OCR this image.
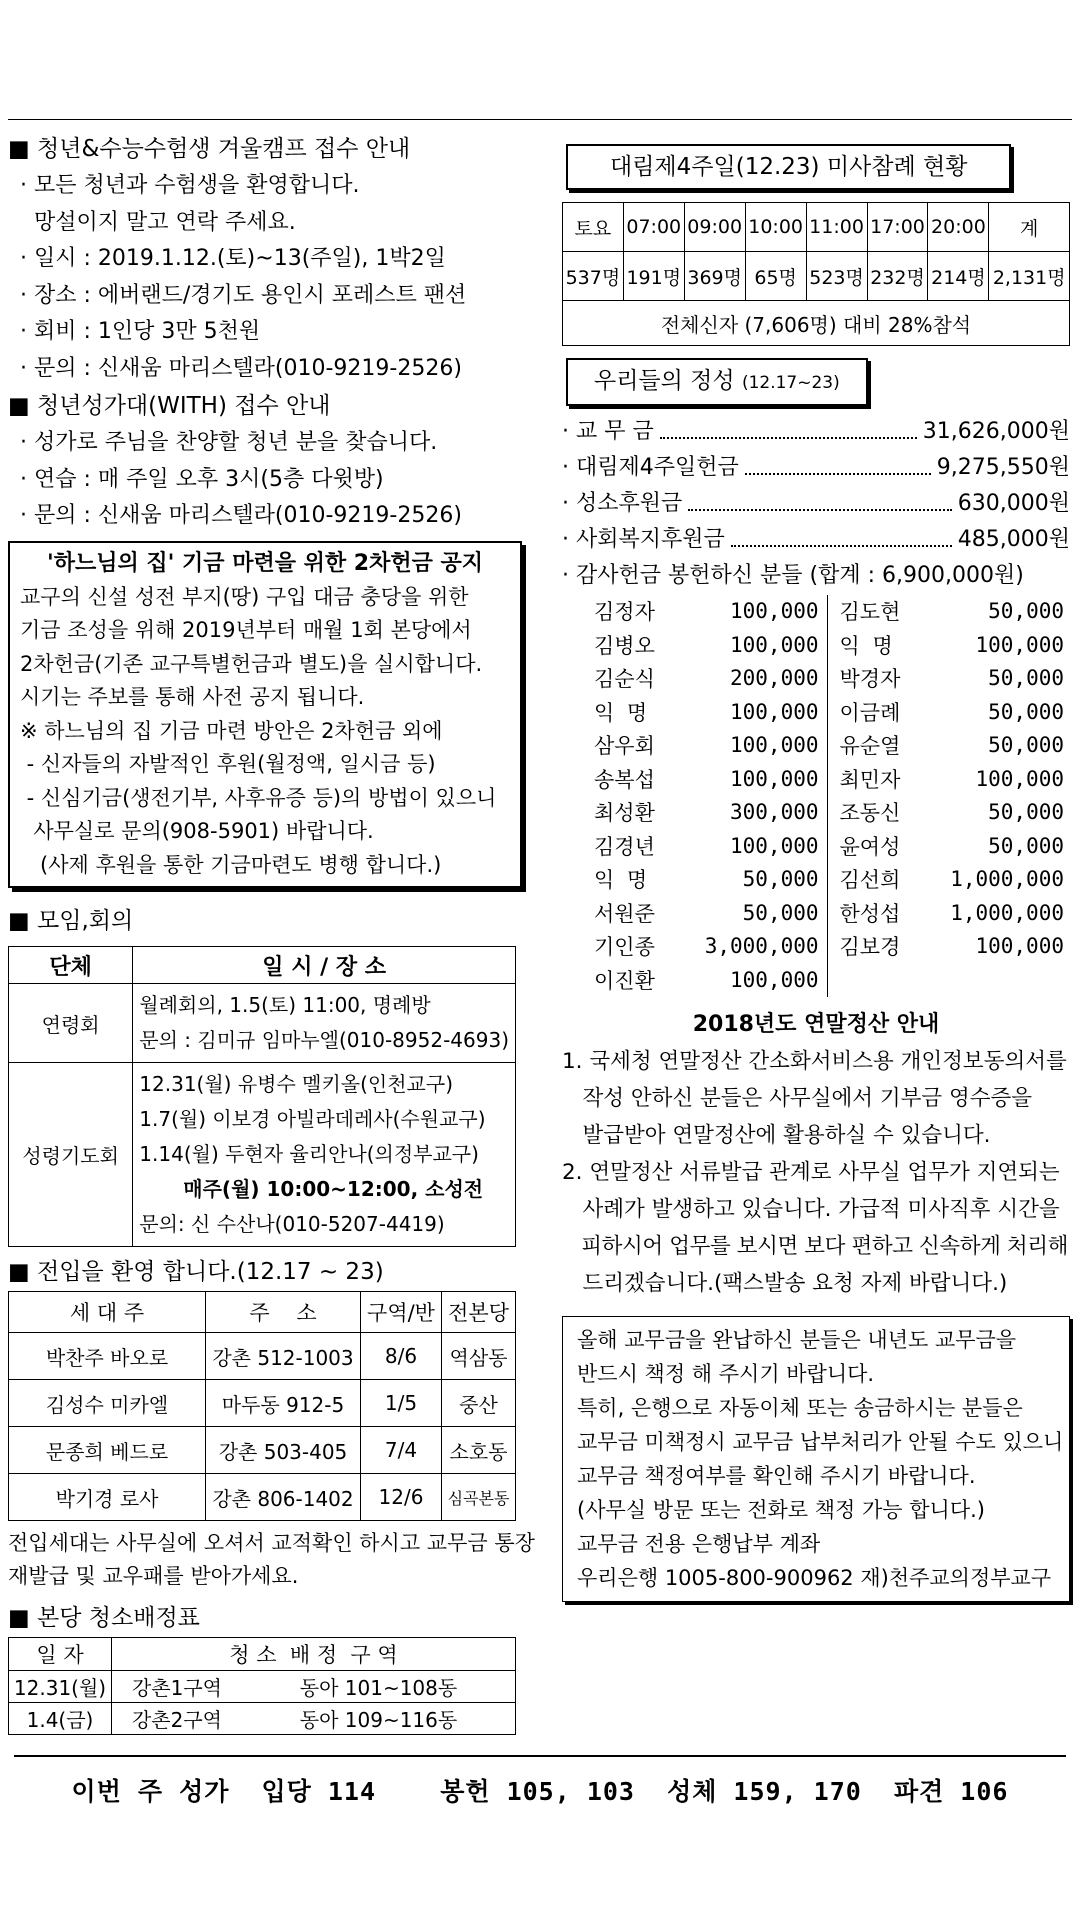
■ 청년&수능수험생 겨울캠프 접수 안내
· 모든 청년과 수험생을 환영합니다.
망설이지 말고 연락 주세요.
· 일시 : 2019.1.12.(토)~13(주일), 1박2일
· 장소 : 에버랜드/경기도 용인시 포레스트 팬션
· 회비 : 1인당 3만 5천원
· 문의 : 신새움 마리스텔라(010-9219-2526)
■ 청년성가대(WITH) 접수 안내
· 성가로 주님을 찬양할 청년 분을 찾습니다.
· 연습 : 매 주일 오후 3시(5층 다윗방)
· 문의 : 신새움 마리스텔라(010-9219-2526)
'하느님의 집' 기금 마련을 위한 2차헌금 공지
교구의 신설 성전 부지(땅) 구입 대금 충당을 위한
기금 조성을 위해 2019년부터 매월 1회 본당에서
2차헌금(기존 교구특별헌금과 별도)을 실시합니다.
시기는 주보를 통해 사전 공지 됩니다.
※ 하느님의 집 기금 마련 방안은 2차헌금 외에
- 신자들의 자발적인 후원(월정액, 일시금 등)
- 신심기금(생전기부, 사후유증 등)의 방법이 있으니
사무실로 문의(908-5901) 바랍니다.
(사제 후원을 통한 기금마련도 병행 합니다.)
■ 모임,회의
단체	일 시 / 장 소
연령회	월례회의, 1.5(토) 11:00, 명례방
문의 : 김미규 임마누엘(010-8952-4693)

성령기도회	12.31(월) 유병수 멜키올(인천교구)
1.7(월) 이보경 아빌라데레사(수원교구)
1.14(월) 두현자 율리안나(의정부교구)
매주(월) 10:00~12:00, 소성전
문의: 신 수산나(010-5207-4419)
■ 전입을 환영 합니다.(12.17 ~ 23)
세 대 주	주    소	구역/반	전본당
박찬주 바오로	강촌 512-1003	8/6	역삼동
김성수 미카엘	마두동 912-5	1/5	중산
문종희 베드로	강촌 503-405	7/4	소호동
박기경 로사	강촌 806-1402	12/6	심곡본동
전입세대는 사무실에 오셔서 교적확인 하시고 교무금 통장
재발급 및 교우패를 받아가세요.
■ 본당 청소배정표
일 자	청 소  배 정  구 역	
12.31(월)	강촌1구역	동아 101~108동
1.4(금)	강촌2구역	동아 109~116동
대림제4주일(12.23) 미사참례 현황
토요	07:00	09:00	10:00	11:00	17:00	20:00	계
537명	191명	369명	65명	523명	232명	214명	2,131명
전체신자 (7,606명) 대비 28%참석							
우리들의 정성 (12.17~23)
· 교 무 금	31,626,000원
· 대림제4주일헌금	9,275,550원
· 성소후원금	630,000원
· 사회복지후원금	485,000원
· 감사헌금 봉헌하신 분들 (합계 : 6,900,000원)
김정자	100,000	김도현	50,000
김병오	100,000	익 명	100,000
김순식	200,000	박경자	50,000
익 명	100,000	이금례	50,000
삼우회	100,000	유순열	50,000
송복섭	100,000	최민자	100,000
최성환	300,000	조동신	50,000
김경년	100,000	윤여성	50,000
익 명	50,000	김선희	1,000,000
서원준	50,000	한성섭	1,000,000
기인종	3,000,000	김보경	100,000
이진환	100,000		
2018년도 연말정산 안내
1. 국세청 연말정산 간소화서비스용 개인정보동의서를
작성 안하신 분들은 사무실에서 기부금 영수증을
발급받아 연말정산에 활용하실 수 있습니다.
2. 연말정산 서류발급 관계로 사무실 업무가 지연되는
사례가 발생하고 있습니다. 가급적 미사직후 시간을
피하시어 업무를 보시면 보다 편하고 신속하게 처리해
드리겠습니다.(팩스발송 요청 자제 바랍니다.)
올해 교무금을 완납하신 분들은 내년도 교무금을
반드시 책정 해 주시기 바랍니다.
특히, 은행으로 자동이체 또는 송금하시는 분들은
교무금 미책정시 교무금 납부처리가 안될 수도 있으니
교무금 책정여부를 확인해 주시기 바랍니다.
(사무실 방문 또는 전화로 책정 가능 합니다.)
교무금 전용 은행납부 계좌
우리은행 1005-800-900962 재)천주교의정부교구
이번 주 성가  입당 114    봉헌 105, 103  성체 159, 170  파견 106
